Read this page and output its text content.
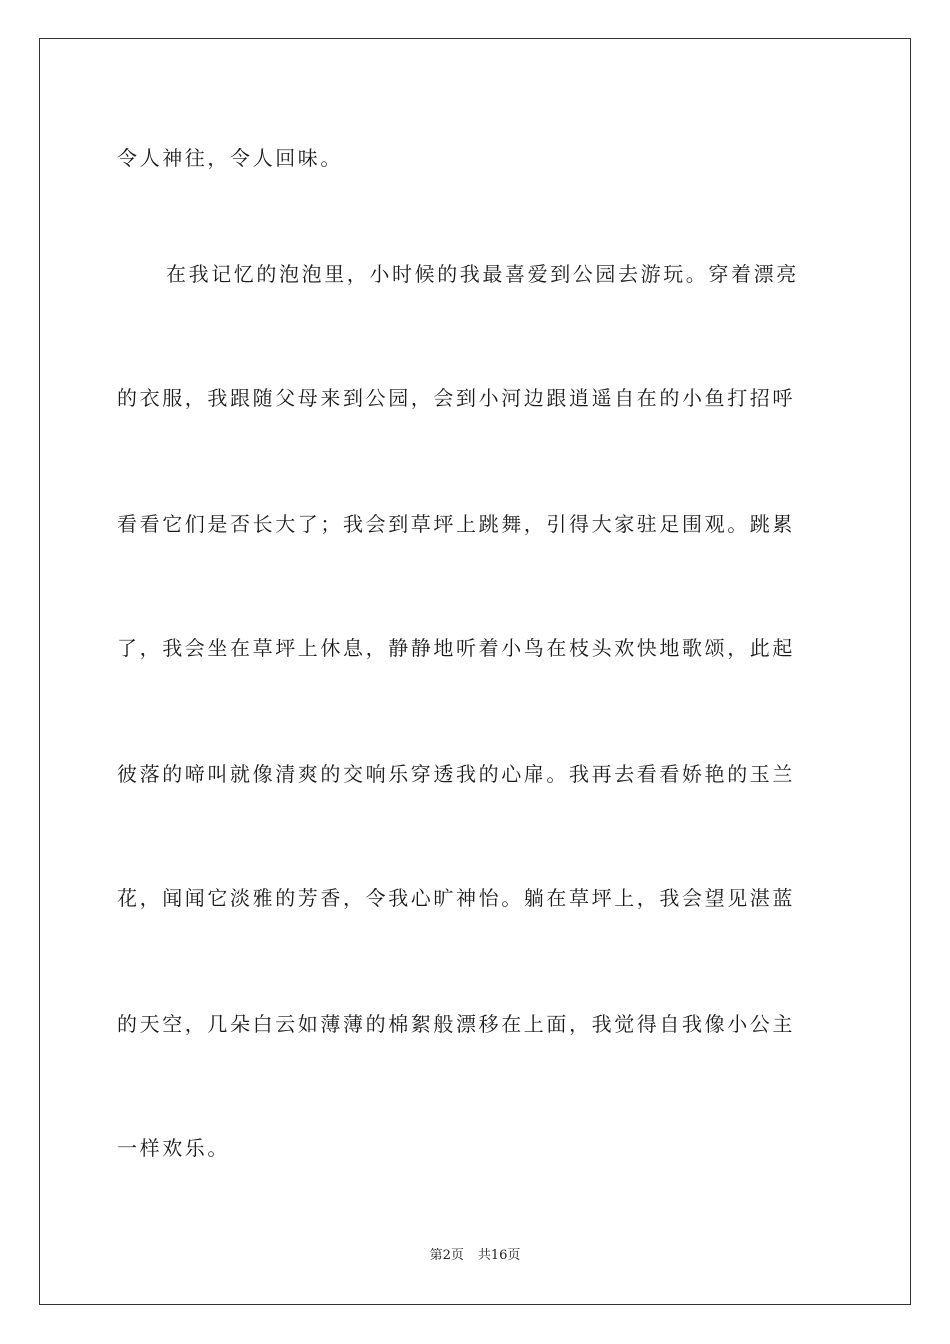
令人神往，令人回味。
在我记忆的泡泡里，小时候的我最喜爱到公园去游玩。穿着漂亮
的衣服，我跟随父母来到公园，会到小河边跟逍遥自在的小鱼打招呼
看看它们是否长大了；我会到草坪上跳舞，引得大家驻足围观。跳累
了，我会坐在草坪上休息，静静地听着小鸟在枝头欢快地歌颂，此起
彼落的啼叫就像清爽的交响乐穿透我的心扉。我再去看看娇艳的玉兰
花，闻闻它淡雅的芳香，令我心旷神怡。躺在草坪上，我会望见湛蓝
的天空，几朵白云如薄薄的棉絮般漂移在上面，我觉得自我像小公主
一样欢乐。
第2页 共16页
